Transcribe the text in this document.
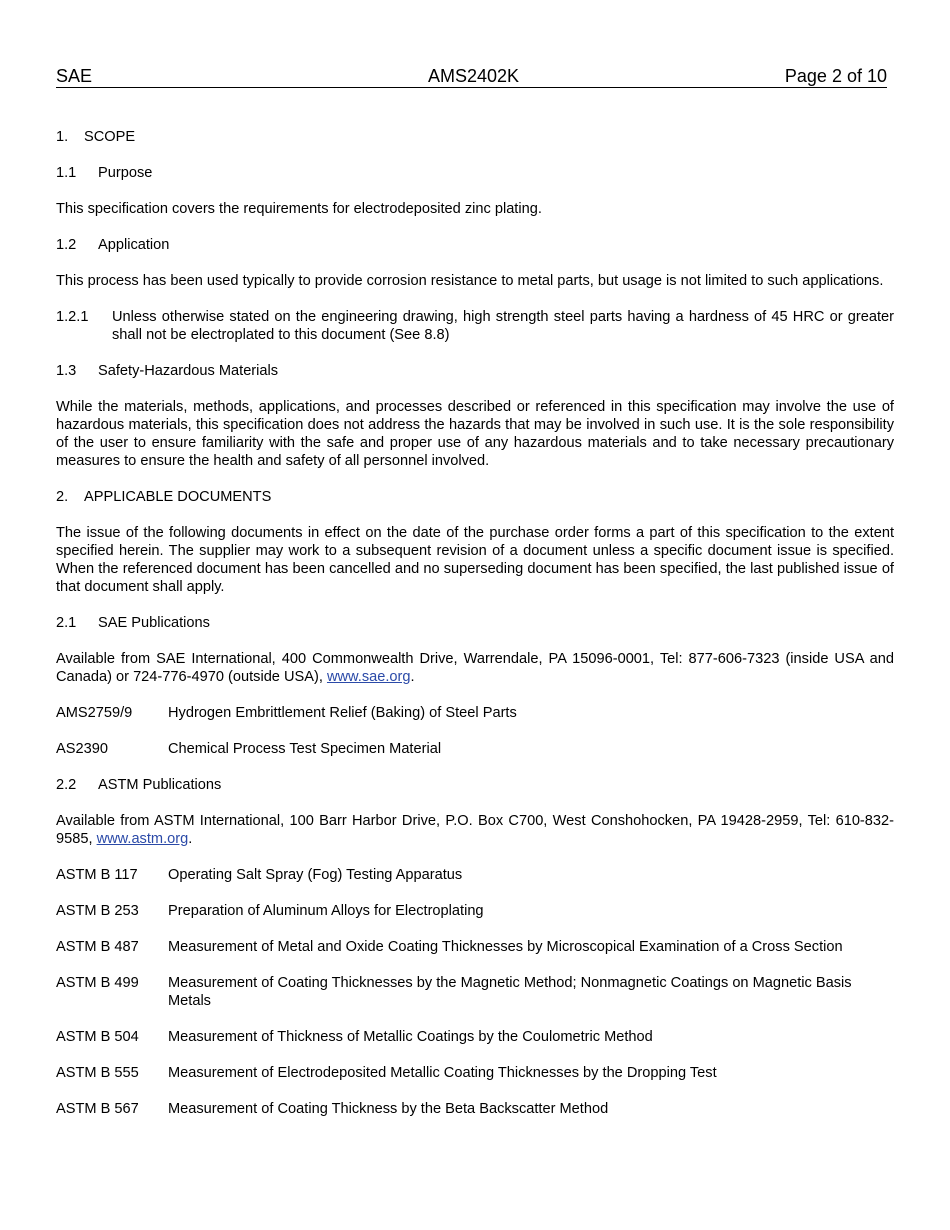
SAE	AMS2402K	Page 2 of 10
1. SCOPE
1.1 Purpose
This specification covers the requirements for electrodeposited zinc plating.
1.2 Application
This process has been used typically to provide corrosion resistance to metal parts, but usage is not limited to such applications.
1.2.1	Unless otherwise stated on the engineering drawing, high strength steel parts having a hardness of 45 HRC or greater shall not be electroplated to this document (See 8.8)
1.3 Safety-Hazardous Materials
While the materials, methods, applications, and processes described or referenced in this specification may involve the use of hazardous materials, this specification does not address the hazards that may be involved in such use. It is the sole responsibility of the user to ensure familiarity with the safe and proper use of any hazardous materials and to take necessary precautionary measures to ensure the health and safety of all personnel involved.
2. APPLICABLE DOCUMENTS
The issue of the following documents in effect on the date of the purchase order forms a part of this specification to the extent specified herein. The supplier may work to a subsequent revision of a document unless a specific document issue is specified. When the referenced document has been cancelled and no superseding document has been specified, the last published issue of that document shall apply.
2.1 SAE Publications
Available from SAE International, 400 Commonwealth Drive, Warrendale, PA 15096-0001, Tel: 877-606-7323 (inside USA and Canada) or 724-776-4970 (outside USA), www.sae.org.
AMS2759/9	Hydrogen Embrittlement Relief (Baking) of Steel Parts
AS2390	Chemical Process Test Specimen Material
2.2 ASTM Publications
Available from ASTM International, 100 Barr Harbor Drive, P.O. Box C700, West Conshohocken, PA 19428-2959, Tel: 610-832-9585, www.astm.org.
ASTM B 117	Operating Salt Spray (Fog) Testing Apparatus
ASTM B 253	Preparation of Aluminum Alloys for Electroplating
ASTM B 487	Measurement of Metal and Oxide Coating Thicknesses by Microscopical Examination of a Cross Section
ASTM B 499	Measurement of Coating Thicknesses by the Magnetic Method; Nonmagnetic Coatings on Magnetic Basis Metals
ASTM B 504	Measurement of Thickness of Metallic Coatings by the Coulometric Method
ASTM B 555	Measurement of Electrodeposited Metallic Coating Thicknesses by the Dropping Test
ASTM B 567	Measurement of Coating Thickness by the Beta Backscatter Method
